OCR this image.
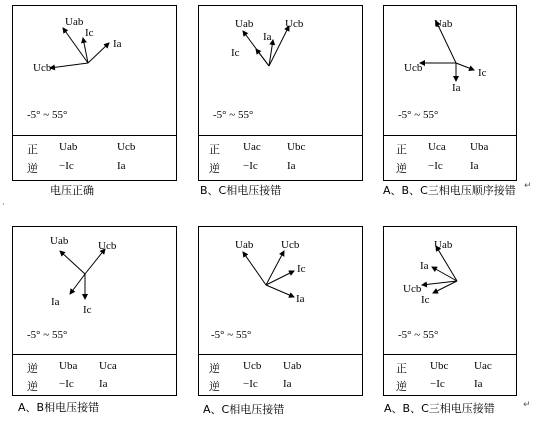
Uab
Ic
Ia
Ucb
-5° ~ 55°
正 Uab	Ucb
逆 −Ic	Ia
电压正确
Uab	Ucb
Ia
Ic
-5° ~ 55°
正 Uac Ubc
逆 −Ic	Ia
B、C相电压接错
Uab
Ucb	Ic
Ia
-5° ~ 55°
正 Uca Uba
逆 −Ic Ia
A、B、C三相电压顺序接错
Uab	Ucb
Ia
Ic
-5° ~ 55°
逆 Uba Uca
逆 −Ic Ia
A、B相电压接错
Uab	Ucb
Ic
Ia
-5° ~ 55°
逆 Ucb Uab
逆 −Ic Ia
A、C相电压接错
Uab
Ia
Ucb
Ic
-5° ~ 55°
正 Ubc Uac
逆 −Ic	Ia
A、B、C三相电压接错
↵
↵
·
